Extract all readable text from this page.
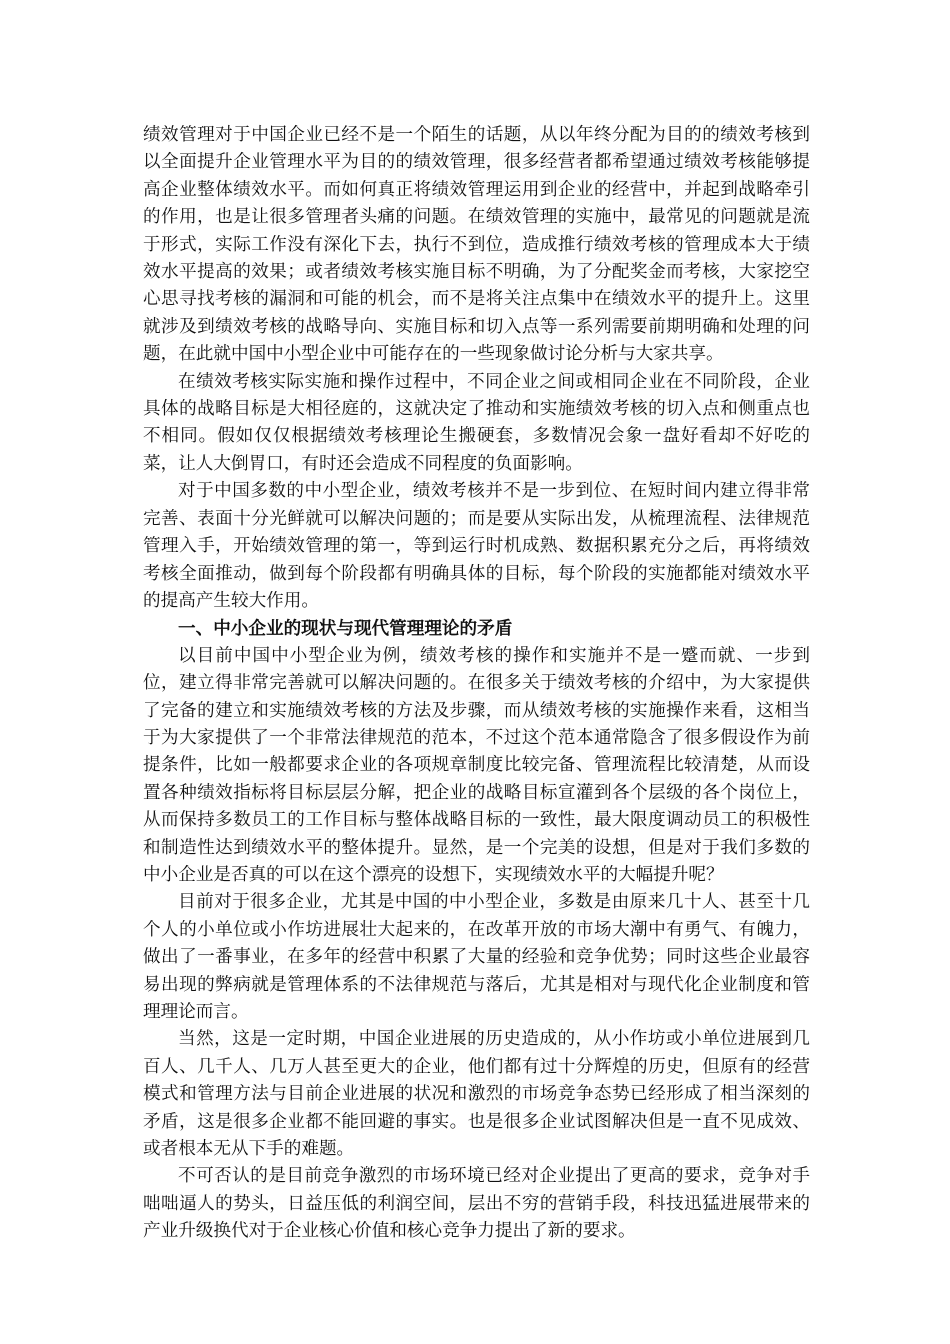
绩效管理对于中国企业已经不是一个陌生的话题，从以年终分配为目的的绩效考核到以全面提升企业管理水平为目的的绩效管理，很多经营者都希望通过绩效考核能够提高企业整体绩效水平。而如何真正将绩效管理运用到企业的经营中，并起到战略牵引的作用，也是让很多管理者头痛的问题。在绩效管理的实施中，最常见的问题就是流于形式，实际工作没有深化下去，执行不到位，造成推行绩效考核的管理成本大于绩效水平提高的效果；或者绩效考核实施目标不明确，为了分配奖金而考核，大家挖空心思寻找考核的漏洞和可能的机会，而不是将关注点集中在绩效水平的提升上。这里就涉及到绩效考核的战略导向、实施目标和切入点等一系列需要前期明确和处理的问题，在此就中国中小型企业中可能存在的一些现象做讨论分析与大家共享。

在绩效考核实际实施和操作过程中，不同企业之间或相同企业在不同阶段，企业具体的战略目标是大相径庭的，这就决定了推动和实施绩效考核的切入点和侧重点也不相同。假如仅仅根据绩效考核理论生搬硬套，多数情况会象一盘好看却不好吃的菜，让人大倒胃口，有时还会造成不同程度的负面影响。

对于中国多数的中小型企业，绩效考核并不是一步到位、在短时间内建立得非常完善、表面十分光鲜就可以解决问题的；而是要从实际出发，从梳理流程、法律规范管理入手，开始绩效管理的第一，等到运行时机成熟、数据积累充分之后，再将绩效考核全面推动，做到每个阶段都有明确具体的目标，每个阶段的实施都能对绩效水平的提高产生较大作用。

一、中小企业的现状与现代管理理论的矛盾

以目前中国中小型企业为例，绩效考核的操作和实施并不是一蹙而就、一步到位，建立得非常完善就可以解决问题的。在很多关于绩效考核的介绍中，为大家提供了完备的建立和实施绩效考核的方法及步骤，而从绩效考核的实施操作来看，这相当于为大家提供了一个非常法律规范的范本，不过这个范本通常隐含了很多假设作为前提条件，比如一般都要求企业的各项规章制度比较完备、管理流程比较清楚，从而设置各种绩效指标将目标层层分解，把企业的战略目标宣灌到各个层级的各个岗位上，从而保持多数员工的工作目标与整体战略目标的一致性，最大限度调动员工的积极性和制造性达到绩效水平的整体提升。显然，是一个完美的设想，但是对于我们多数的中小企业是否真的可以在这个漂亮的设想下，实现绩效水平的大幅提升呢？

目前对于很多企业，尤其是中国的中小型企业，多数是由原来几十人、甚至十几个人的小单位或小作坊进展壮大起来的，在改革开放的市场大潮中有勇气、有魄力，做出了一番事业，在多年的经营中积累了大量的经验和竞争优势；同时这些企业最容易出现的弊病就是管理体系的不法律规范与落后，尤其是相对与现代化企业制度和管理理论而言。

当然，这是一定时期，中国企业进展的历史造成的，从小作坊或小单位进展到几百人、几千人、几万人甚至更大的企业，他们都有过十分辉煌的历史，但原有的经营模式和管理方法与目前企业进展的状况和激烈的市场竞争态势已经形成了相当深刻的矛盾，这是很多企业都不能回避的事实。也是很多企业试图解决但是一直不见成效、或者根本无从下手的难题。

不可否认的是目前竞争激烈的市场环境已经对企业提出了更高的要求，竞争对手咄咄逼人的势头，日益压低的利润空间，层出不穷的营销手段，科技迅猛进展带来的产业升级换代对于企业核心价值和核心竞争力提出了新的要求。
